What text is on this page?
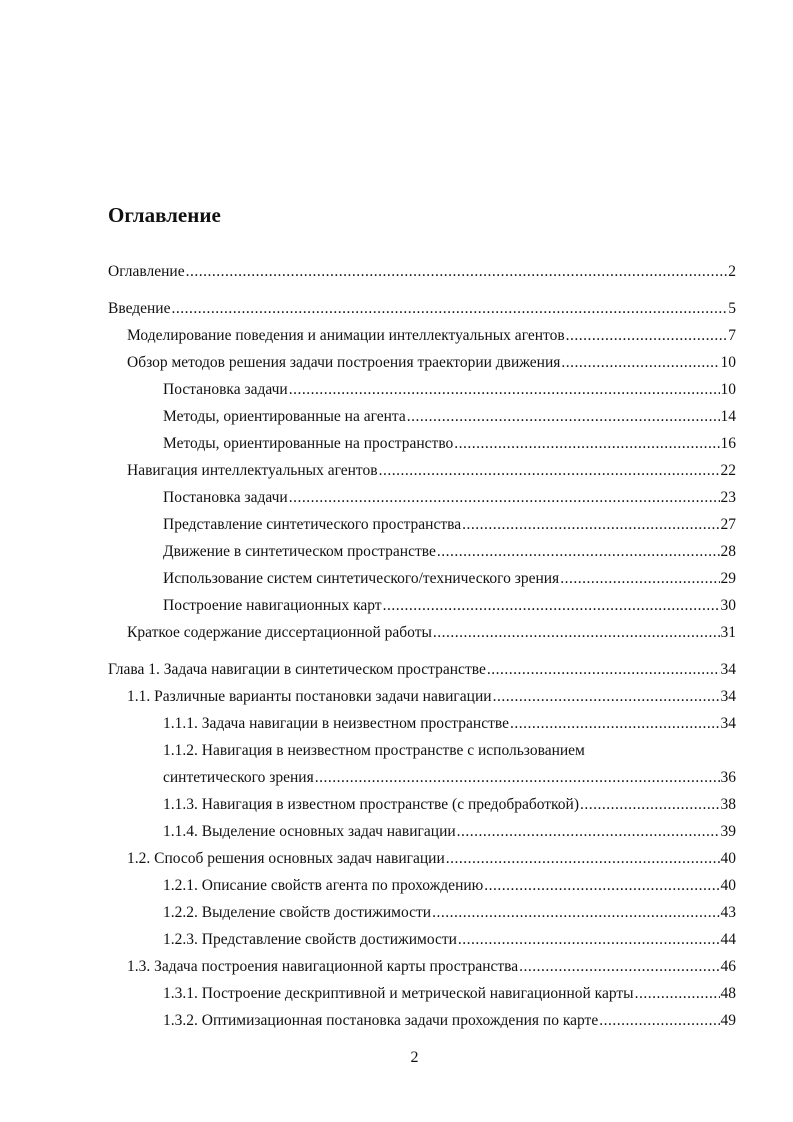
Оглавление
Оглавление .....	2
Введение .....	5
Моделирование поведения и анимации интеллектуальных агентов .....	7
Обзор методов решения задачи построения траектории движения .....	10
Постановка задачи .....	10
Методы, ориентированные на агента .....	14
Методы, ориентированные на пространство .....	16
Навигация интеллектуальных агентов .....	22
Постановка задачи .....	23
Представление синтетического пространства .....	27
Движение в синтетическом пространстве .....	28
Использование систем синтетического/технического зрения .....	29
Построение навигационных карт .....	30
Краткое содержание диссертационной работы .....	31
Глава 1. Задача навигации в синтетическом пространстве .....	34
1.1. Различные варианты постановки задачи навигации .....	34
1.1.1. Задача навигации в неизвестном пространстве .....	34
1.1.2. Навигация в неизвестном пространстве с использованием
синтетического зрения .....	36
1.1.3. Навигация в известном пространстве (с предобработкой) .....	38
1.1.4. Выделение основных задач навигации .....	39
1.2. Способ решения основных задач навигации .....	40
1.2.1. Описание свойств агента по прохождению .....	40
1.2.2. Выделение свойств достижимости .....	43
1.2.3. Представление свойств достижимости .....	44
1.3. Задача построения навигационной карты пространства .....	46
1.3.1. Построение дескриптивной и метрической навигационной карты .....	48
1.3.2. Оптимизационная постановка задачи прохождения по карте .....	49
2
